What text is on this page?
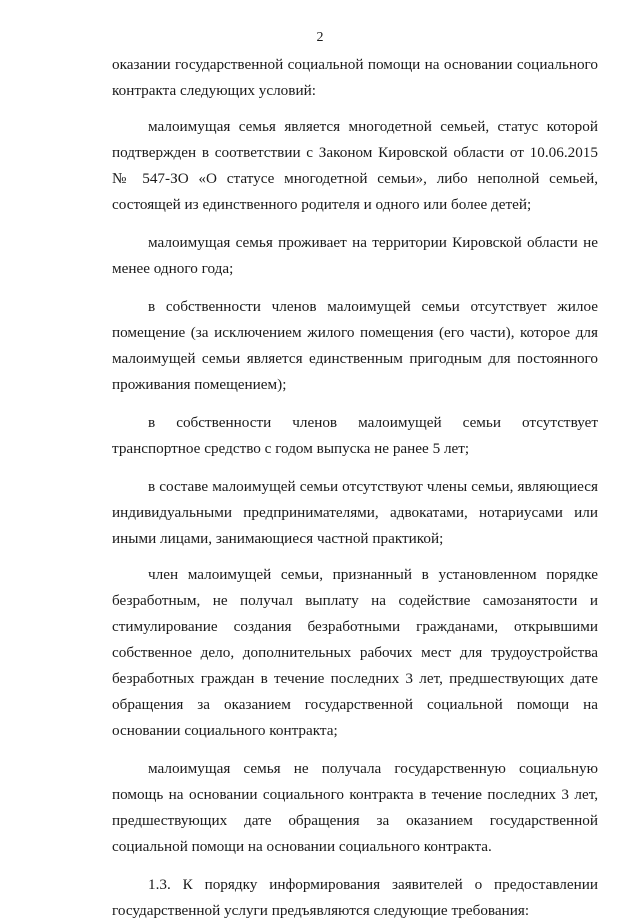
2

оказании государственной социальной помощи на основании социального контракта следующих условий:

малоимущая семья является многодетной семьей, статус которой подтвержден в соответствии с Законом Кировской области от 10.06.2015 № 547-ЗО «О статусе многодетной семьи», либо неполной семьей, состоящей из единственного родителя и одного или более детей;

малоимущая семья проживает на территории Кировской области не менее одного года;

в собственности членов малоимущей семьи отсутствует жилое помещение (за исключением жилого помещения (его части), которое для малоимущей семьи является единственным пригодным для постоянного проживания помещением);

в собственности членов малоимущей семьи отсутствует транспортное средство с годом выпуска не ранее 5 лет;

в составе малоимущей семьи отсутствуют члены семьи, являющиеся индивидуальными предпринимателями, адвокатами, нотариусами или иными лицами, занимающиеся частной практикой;

член малоимущей семьи, признанный в установленном порядке безработным, не получал выплату на содействие самозанятости и стимулирование создания безработными гражданами, открывшими собственное дело, дополнительных рабочих мест для трудоустройства безработных граждан в течение последних 3 лет, предшествующих дате обращения за оказанием государственной социальной помощи на основании социального контракта;

малоимущая семья не получала государственную социальную помощь на основании социального контракта в течение последних 3 лет, предшествующих дате обращения за оказанием государственной социальной помощи на основании социального контракта.

1.3. К порядку информирования заявителей о предоставлении государственной услуги предъявляются следующие требования:
